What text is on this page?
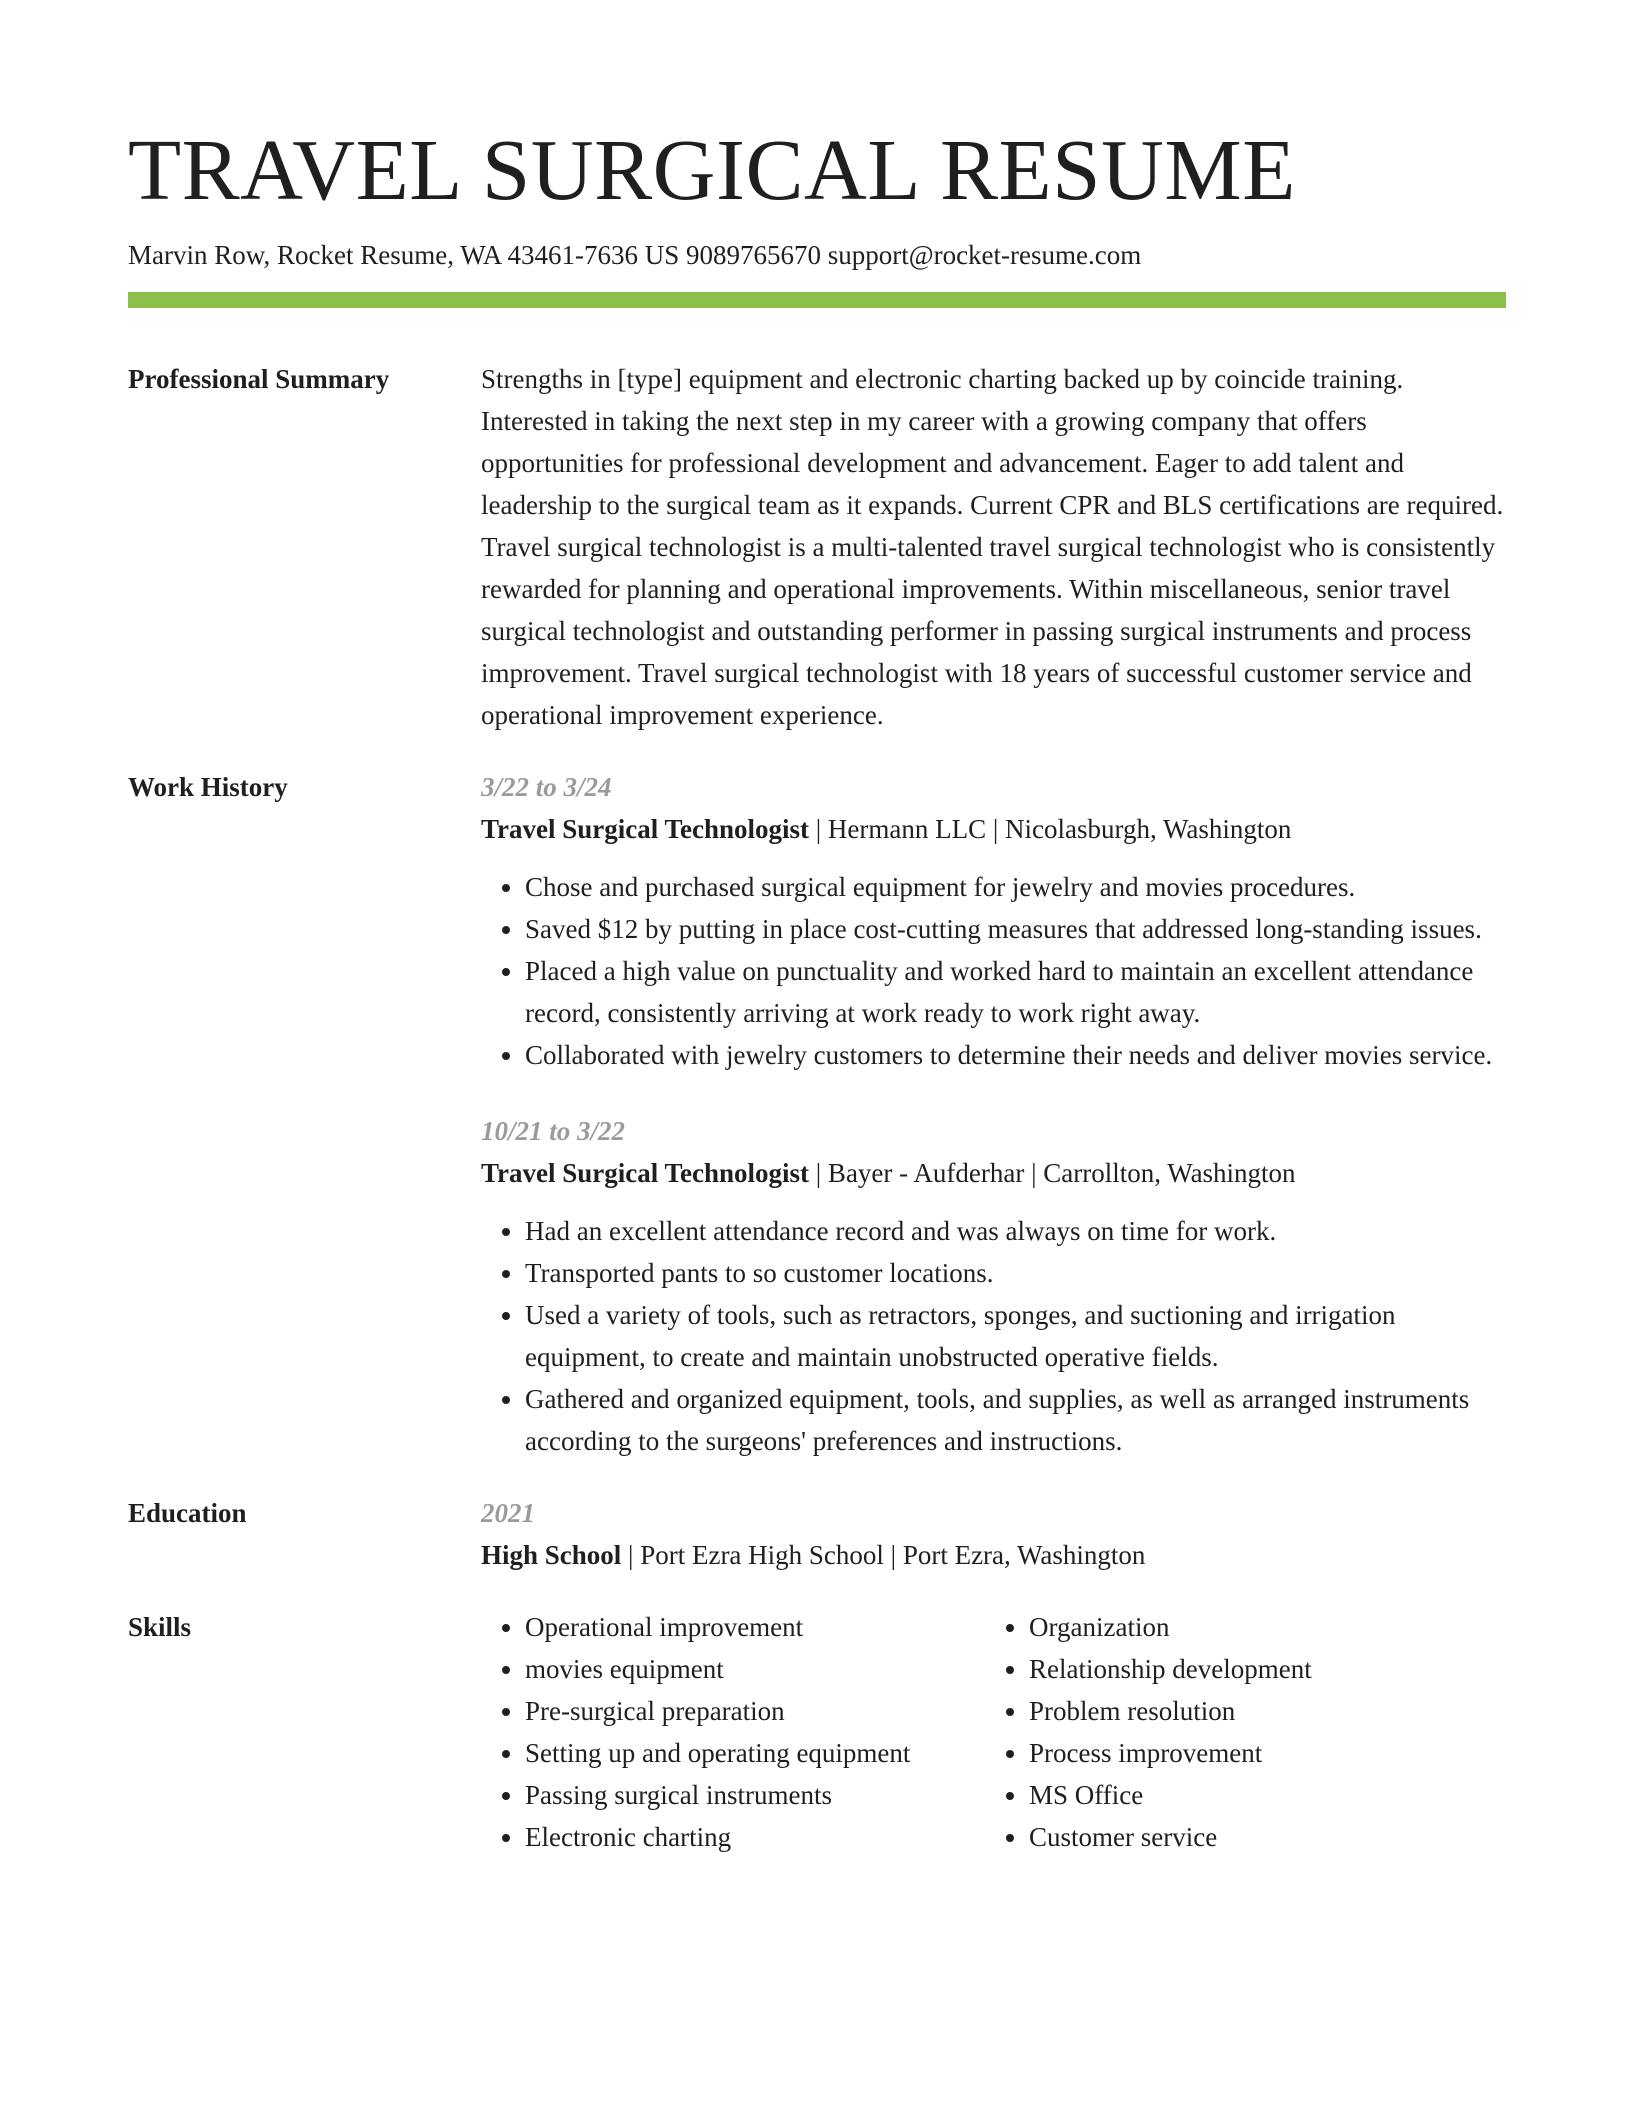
TRAVEL SURGICAL RESUME
Marvin Row, Rocket Resume, WA 43461-7636 US 9089765670 support@rocket-resume.com
Professional Summary	Strengths in [type] equipment and electronic charting backed up by coincide training. Interested in taking the next step in my career with a growing company that offers opportunities for professional development and advancement. Eager to add talent and leadership to the surgical team as it expands. Current CPR and BLS certifications are required. Travel surgical technologist is a multi-talented travel surgical technologist who is consistently rewarded for planning and operational improvements. Within miscellaneous, senior travel surgical technologist and outstanding performer in passing surgical instruments and process improvement. Travel surgical technologist with 18 years of successful customer service and operational improvement experience.

Work History	3/22 to 3/24
Travel Surgical Technologist | Hermann LLC | Nicolasburgh, Washington
• Chose and purchased surgical equipment for jewelry and movies procedures.
• Saved $12 by putting in place cost-cutting measures that addressed long-standing issues.
• Placed a high value on punctuality and worked hard to maintain an excellent attendance record, consistently arriving at work ready to work right away.
• Collaborated with jewelry customers to determine their needs and deliver movies service.
10/21 to 3/22
Travel Surgical Technologist | Bayer - Aufderhar | Carrollton, Washington
• Had an excellent attendance record and was always on time for work.
• Transported pants to so customer locations.
• Used a variety of tools, such as retractors, sponges, and suctioning and irrigation equipment, to create and maintain unobstructed operative fields.
• Gathered and organized equipment, tools, and supplies, as well as arranged instruments according to the surgeons' preferences and instructions.
Education	2021
High School | Port Ezra High School | Port Ezra, Washington
Skills
•	Operational improvement
• movies equipment
• Pre-surgical preparation
• Setting up and operating equipment
• Passing surgical instruments
• Electronic charting
• Organization
• Relationship development
• Problem resolution
• Process improvement
• MS Office
• Customer service
